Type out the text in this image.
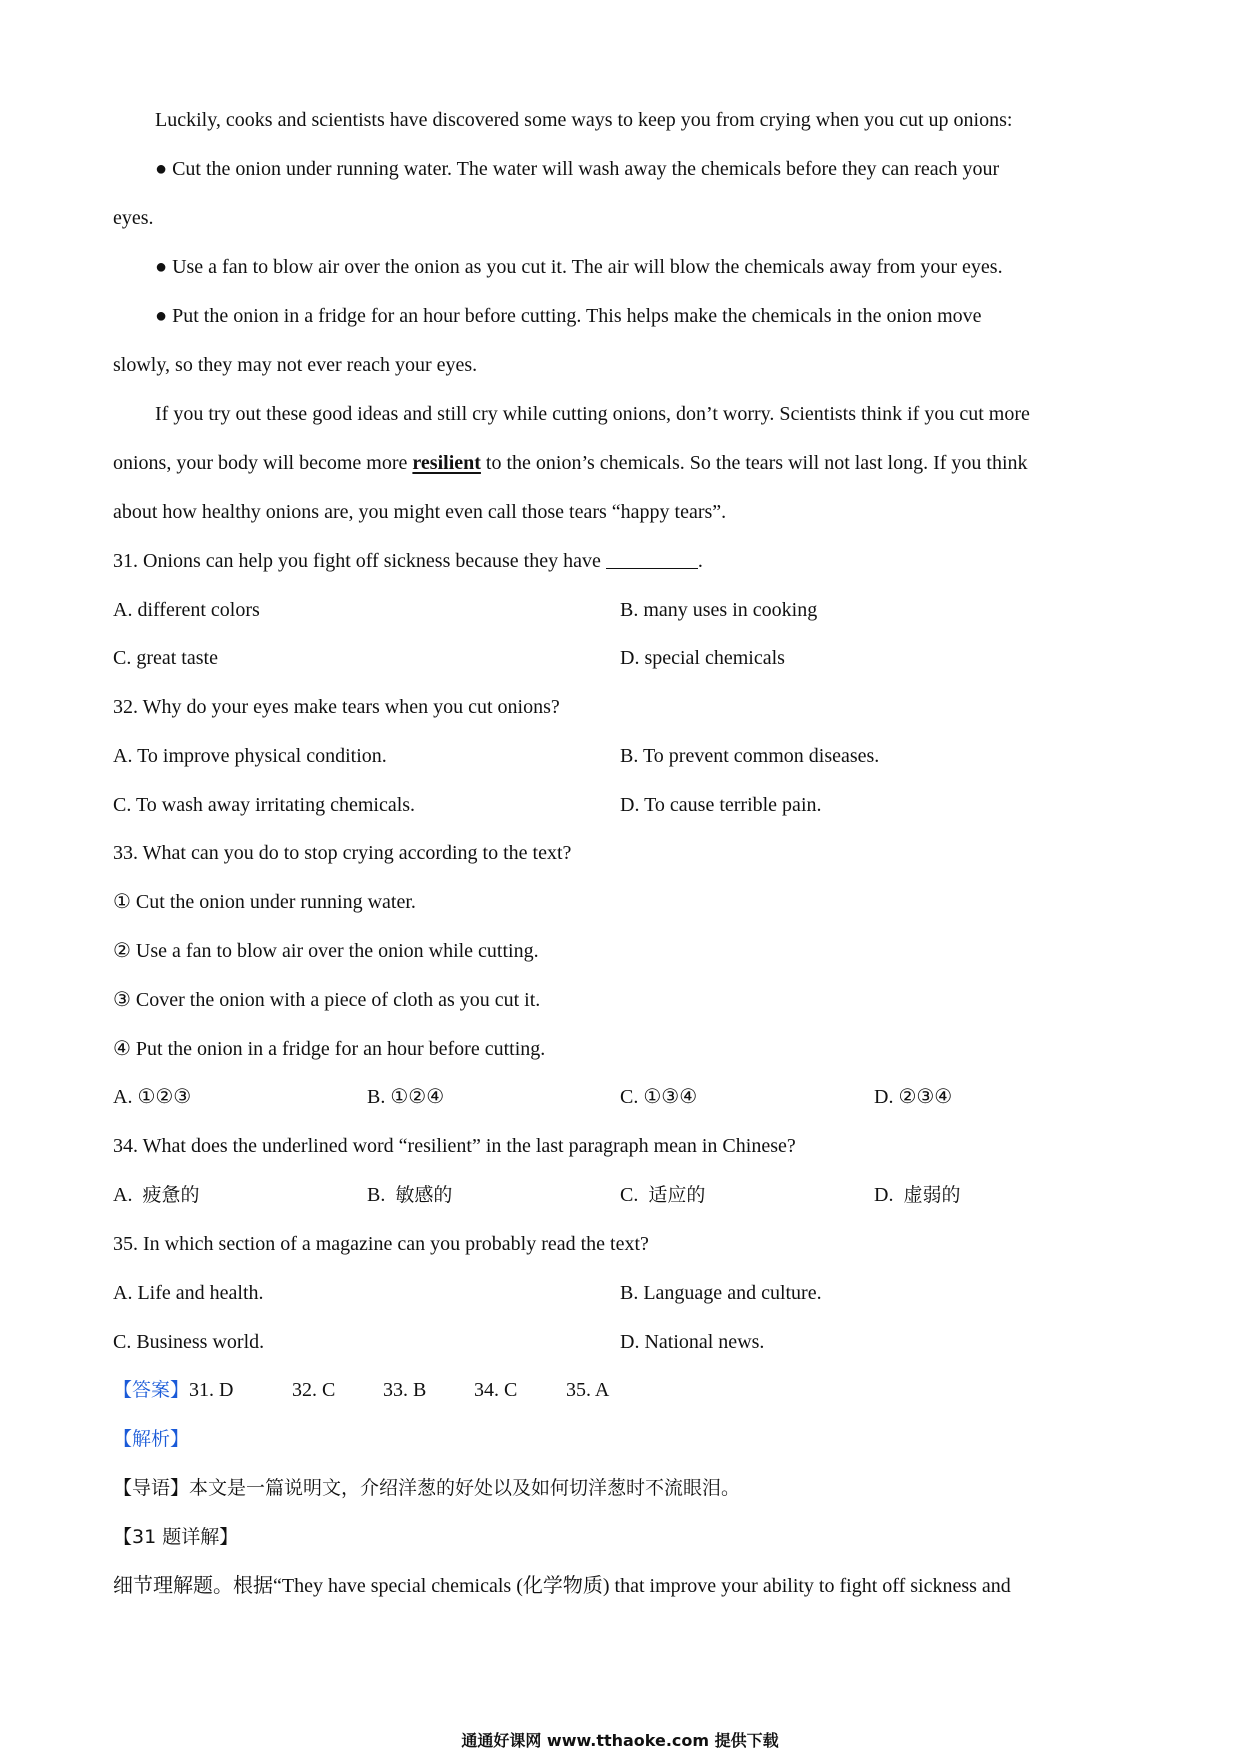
Luckily, cooks and scientists have discovered some ways to keep you from crying when you cut up onions:
● Cut the onion under running water. The water will wash away the chemicals before they can reach your
eyes.
● Use a fan to blow air over the onion as you cut it. The air will blow the chemicals away from your eyes.
● Put the onion in a fridge for an hour before cutting. This helps make the chemicals in the onion move
slowly, so they may not ever reach your eyes.
If you try out these good ideas and still cry while cutting onions, don’t worry. Scientists think if you cut more
onions, your body will become more resilient to the onion’s chemicals. So the tears will not last long. If you think
about how healthy onions are, you might even call those tears “happy tears”.
31. Onions can help you fight off sickness because they have	.
A. different colors	B. many uses in cooking
C. great taste	D. special chemicals
32. Why do your eyes make tears when you cut onions?
A. To improve physical condition.	B. To prevent common diseases.
C. To wash away irritating chemicals.	D. To cause terrible pain.
33. What can you do to stop crying according to the text?
① Cut the onion under running water.
② Use a fan to blow air over the onion while cutting.
③ Cover the onion with a piece of cloth as you cut it.
④ Put the onion in a fridge for an hour before cutting.
A. ①②③	B. ①②④	C. ①③④	D. ②③④
34. What does the underlined word “resilient” in the last paragraph mean in Chinese?
A. 疲惫的	B. 敏感的	C. 适应的	D. 虚弱的
35. In which section of a magazine can you probably read the text?
A. Life and health.	B. Language and culture.
C. Business world.	D. National news.
【答案】31. D	32. C 33. B 34. C 35. A
【解析】
【导语】本文是一篇说明文，介绍洋葱的好处以及如何切洋葱时不流眼泪。
【31 题详解】
细节理解题。根据“They have special chemicals (化学物质) that improve your ability to fight off sickness and
通通好课网 www.tthaoke.com 提供下载
